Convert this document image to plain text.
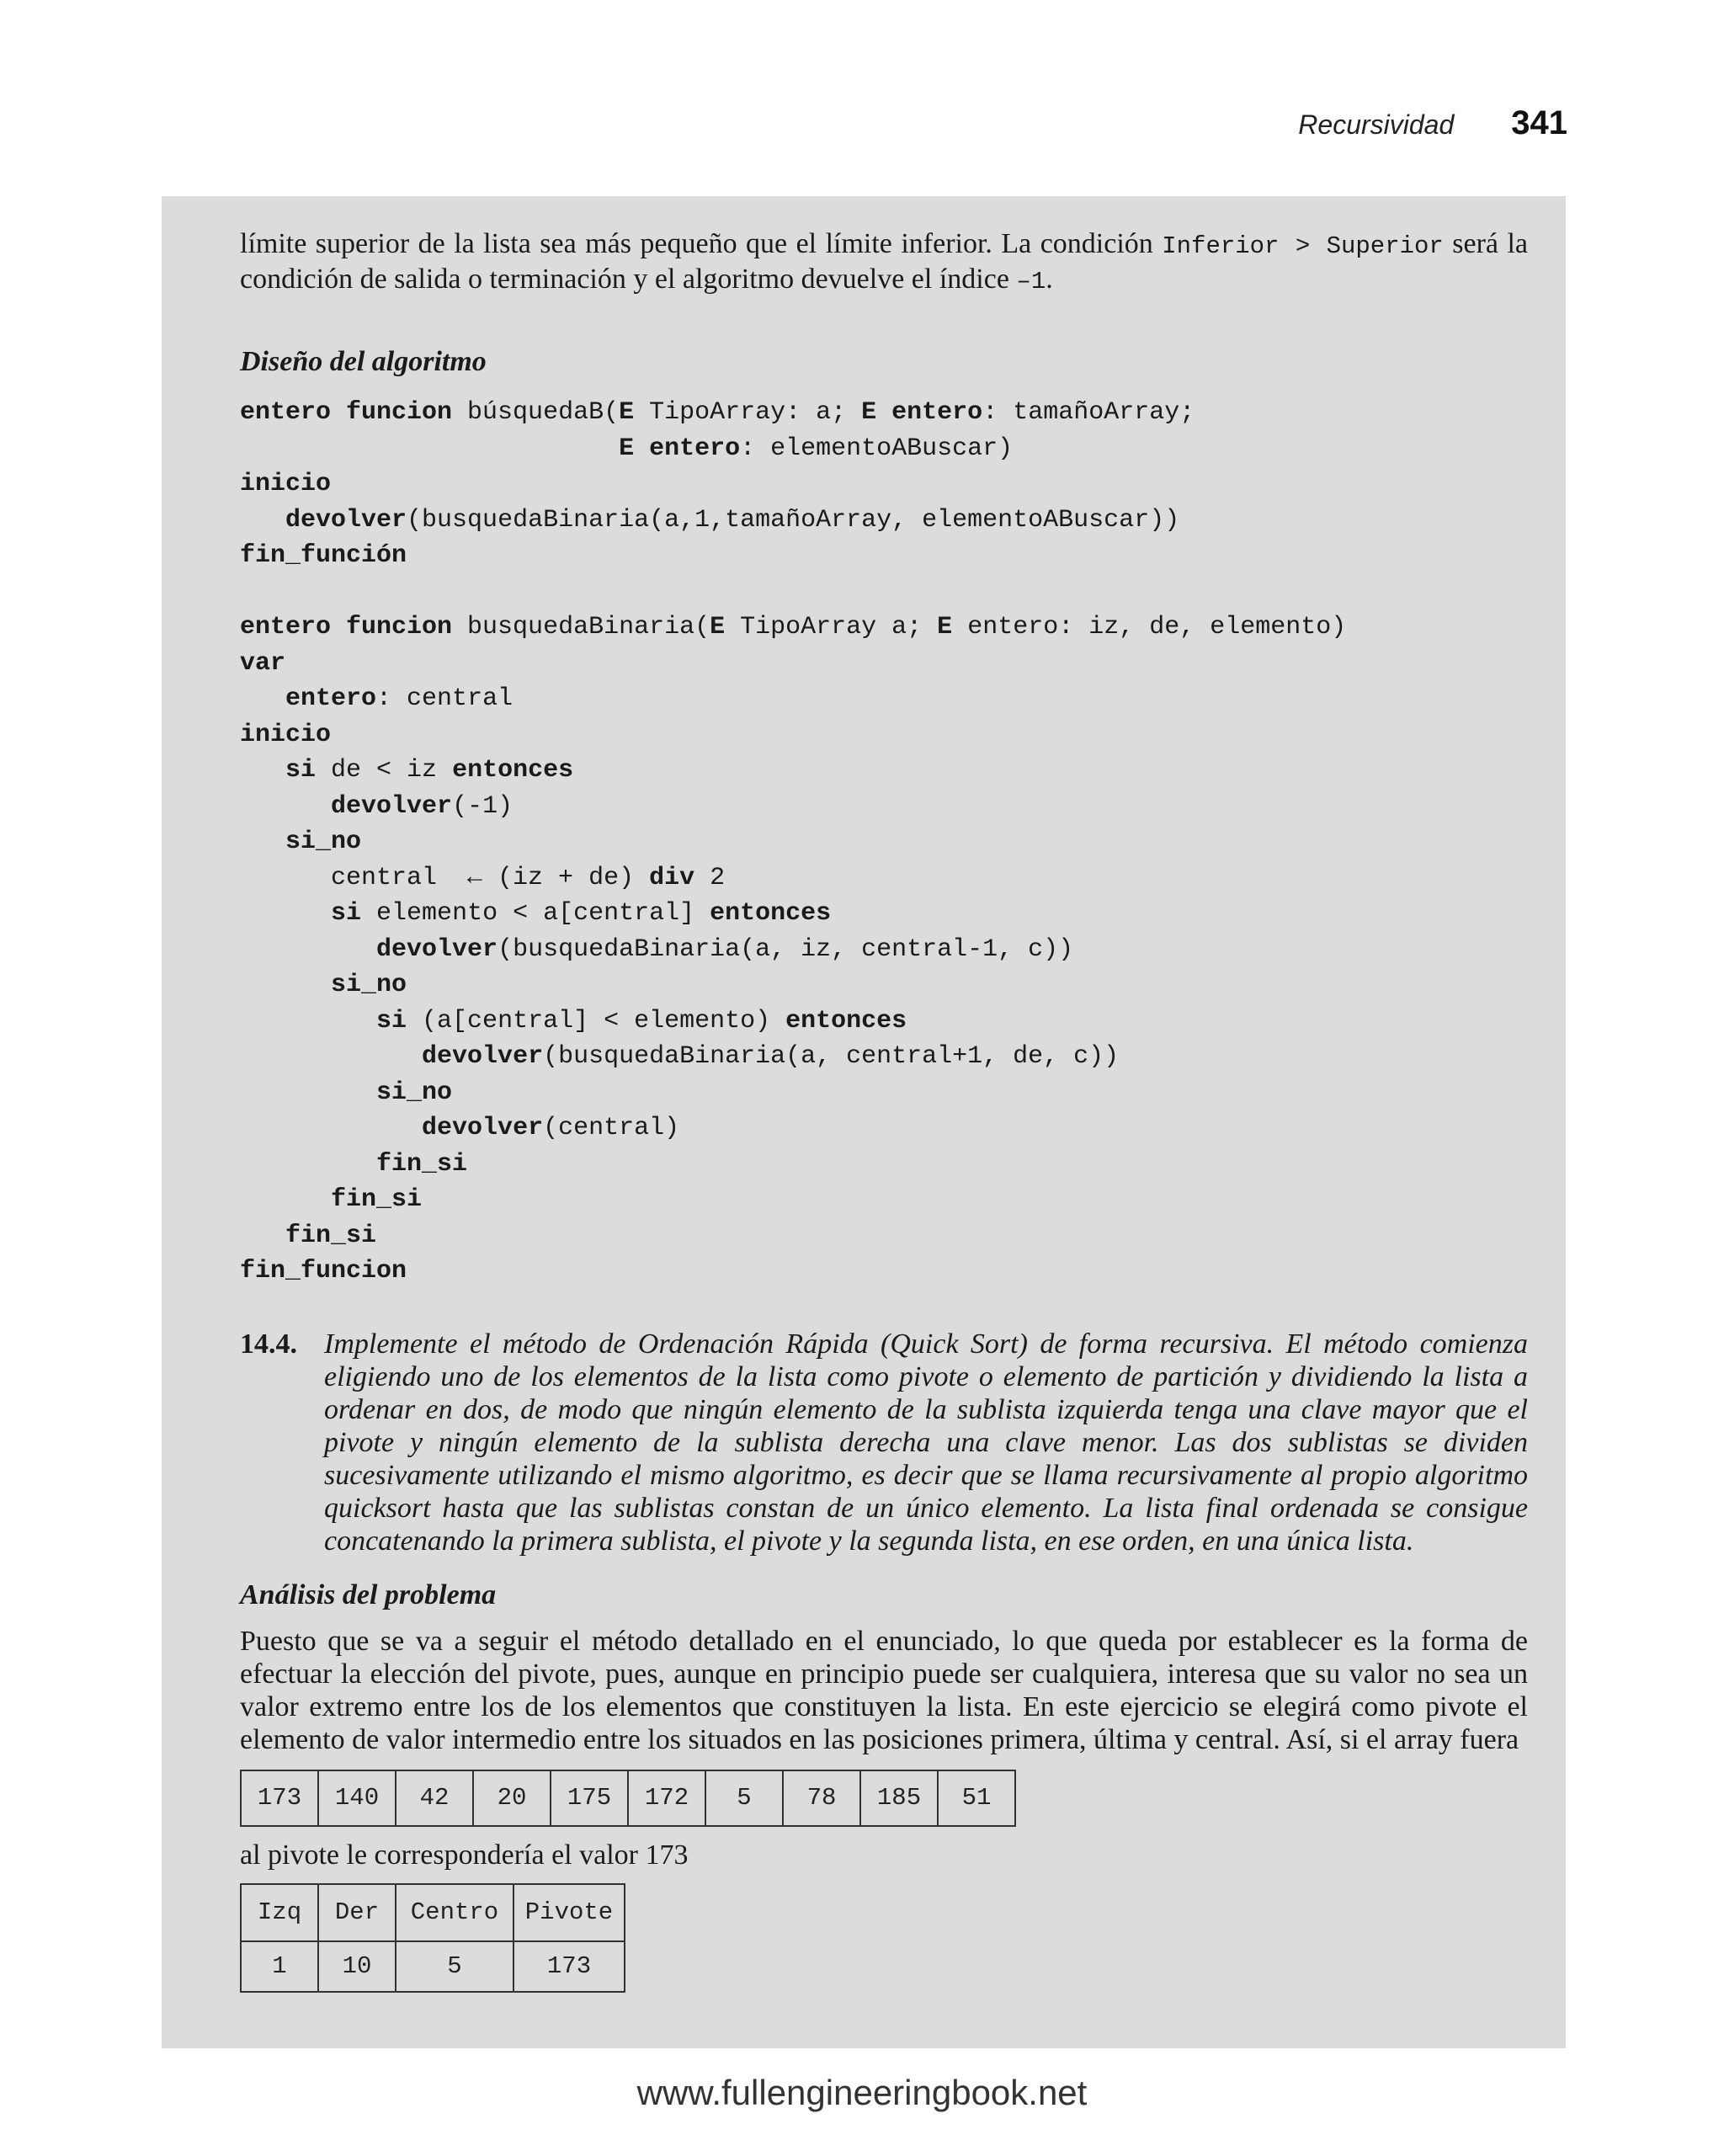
Recursividad 341

límite superior de la lista sea más pequeño que el límite inferior. La condición Inferior > Superior será la condición de salida o terminación y el algoritmo devuelve el índice –1.

Diseño del algoritmo

entero funcion búsquedaB(E TipoArray: a; E entero: tamañoArray;
E entero: elementoABuscar)
inicio
devolver(busquedaBinaria(a,1,tamañoArray, elementoABuscar))
fin_función
entero funcion busquedaBinaria(E TipoArray a; E entero: iz, de, elemento)
var
entero: central
inicio
si de < iz entonces
devolver(-1)
si_no
central  ← (iz + de) div 2
si elemento < a[central] entonces
devolver(busquedaBinaria(a, iz, central-1, c))
si_no
si (a[central] < elemento) entonces
devolver(busquedaBinaria(a, central+1, de, c))
si_no
devolver(central)
fin_si
fin_si
fin_si
fin_funcion
14.4. Implemente el método de Ordenación Rápida (Quick Sort) de forma recursiva. El método comienza eligiendo uno de los elementos de la lista como pivote o elemento de partición y dividiendo la lista a ordenar en dos, de modo que ningún elemento de la sublista izquierda tenga una clave mayor que el pivote y ningún elemento de la sublista derecha una clave menor. Las dos sublistas se dividen sucesivamente utilizando el mismo algoritmo, es decir que se llama recursivamente al propio algoritmo quicksort hasta que las sublistas constan de un único elemento. La lista final ordenada se consigue concatenando la primera sublista, el pivote y la segunda lista, en ese orden, en una única lista.

Análisis del problema

Puesto que se va a seguir el método detallado en el enunciado, lo que queda por establecer es la forma de efectuar la elección del pivote, pues, aunque en principio puede ser cualquiera, interesa que su valor no sea un valor extremo entre los de los elementos que constituyen la lista. En este ejercicio se elegirá como pivote el elemento de valor intermedio entre los situados en las posiciones primera, última y central. Así, si el array fuera

173	140	42	20	175	172	5	78	185	51

al pivote le correspondería el valor 173

Izq	Der	Centro	Pivote
1	10	5	173
www.fullengineeringbook.net
